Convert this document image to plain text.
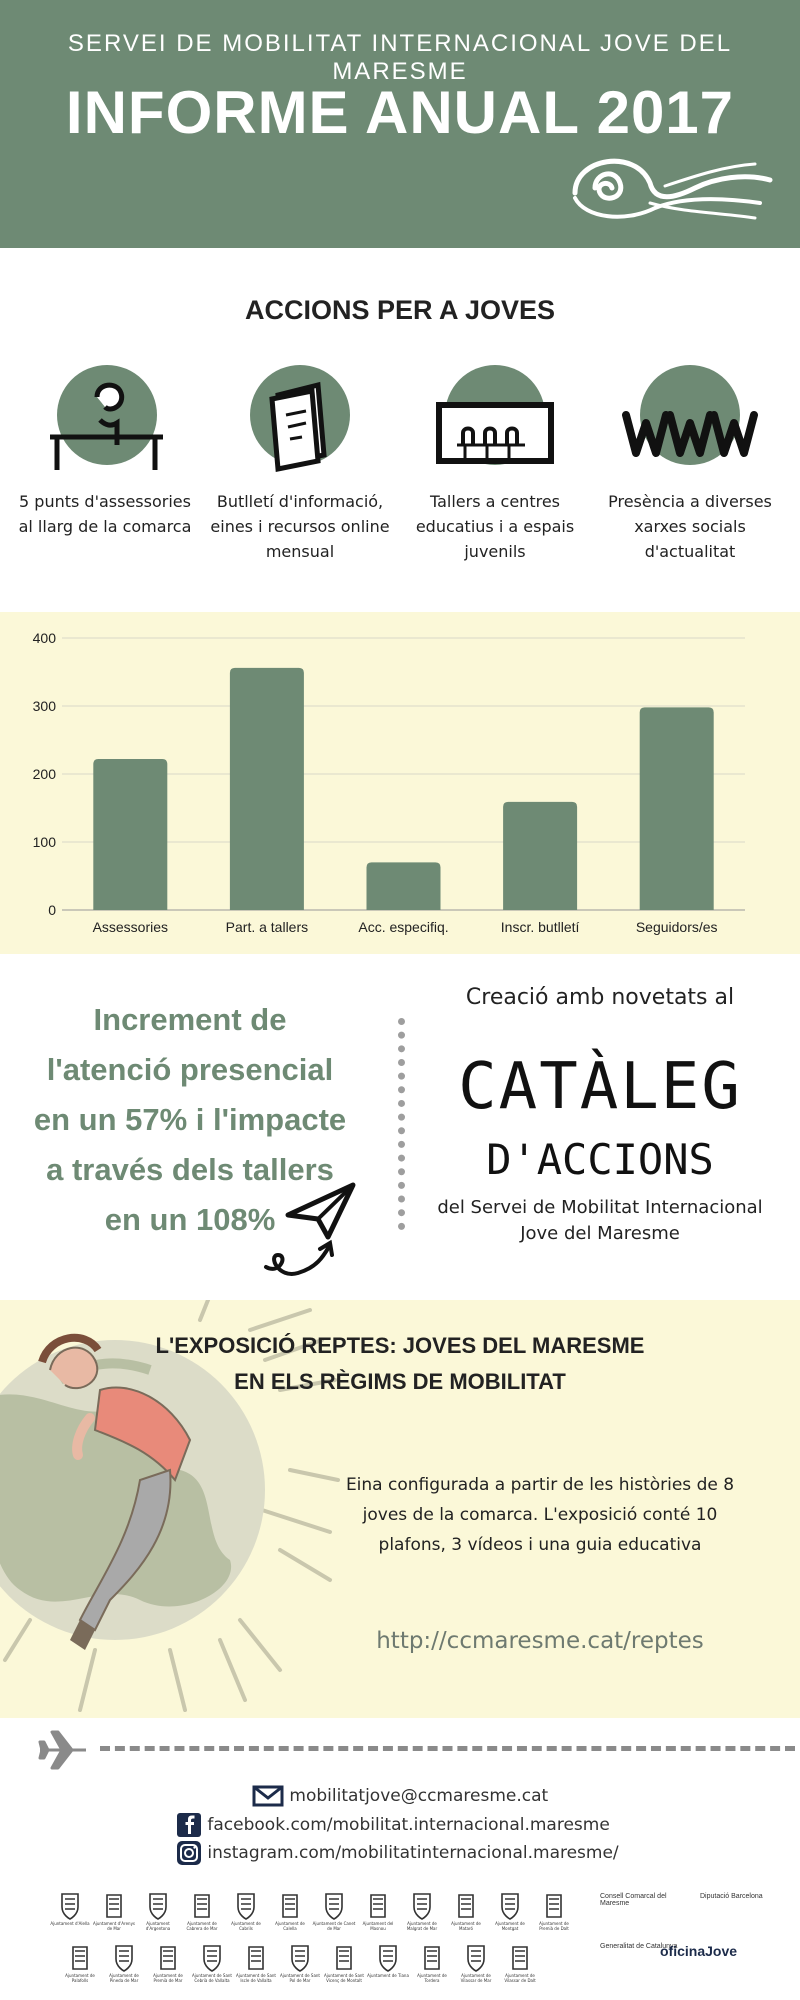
SERVEI DE MOBILITAT INTERNACIONAL JOVE DEL MARESME
INFORME ANUAL 2017
ACCIONS PER A JOVES
5 punts d'assessories al llarg de la comarca
Butlletí d'informació, eines i recursos online mensual
Tallers a centres educatius i a espais juvenils
Presència a diverses xarxes socials d'actualitat
0
100
200
300
400
Assessories	Part. a tallers	Acc. especifiq.	Inscr. butlletí	Seguidors/es
Increment de l'atenció presencial en un 57% i l'impacte a través dels tallers en un 108%
Creació amb novetats al
CATÀLEG
D'ACCIONS
del Servei de Mobilitat Internacional Jove del Maresme
L'EXPOSICIÓ REPTES: JOVES DEL MARESME
EN ELS RÈGIMS DE MOBILITAT
Eina configurada a partir de les històries de 8 joves de la comarca. L'exposició conté 10 plafons, 3 vídeos i una guia educativa
http://ccmaresme.cat/reptes
mobilitatjove@ccmaresme.cat
facebook.com/mobilitat.internacional.maresme
instagram.com/mobilitatinternacional.maresme/
Ajuntament d'Alella Ajuntament d'Arenys de Mar
Ajuntament d'Argentona
Ajuntament de Cabrera de Mar
Ajuntament de Cabrils
Ajuntament de Calella
Ajuntament de Canet de Mar
Ajuntament del Masnou
Ajuntament de Malgrat de Mar
Ajuntament de Mataró
Ajuntament de Montgat
Ajuntament de Premià de Dalt
Ajuntament de Palafolls
Ajuntament de Pineda de Mar
Ajuntament de Premià de Mar
Ajuntament de Sant Cebrià de Vallalta
Ajuntament de Sant Iscle de Vallalta
Ajuntament de Sant Pol de Mar
Ajuntament de Sant Vicenç de Montalt
Ajuntament de Tiana	Ajuntament de Tordera
Ajuntament de Vilassar de Mar
Ajuntament de Vilassar de Dalt
Consell Comarcal del Maresme
Diputació Barcelona
Generalitat de Catalunya
oficinaJove
